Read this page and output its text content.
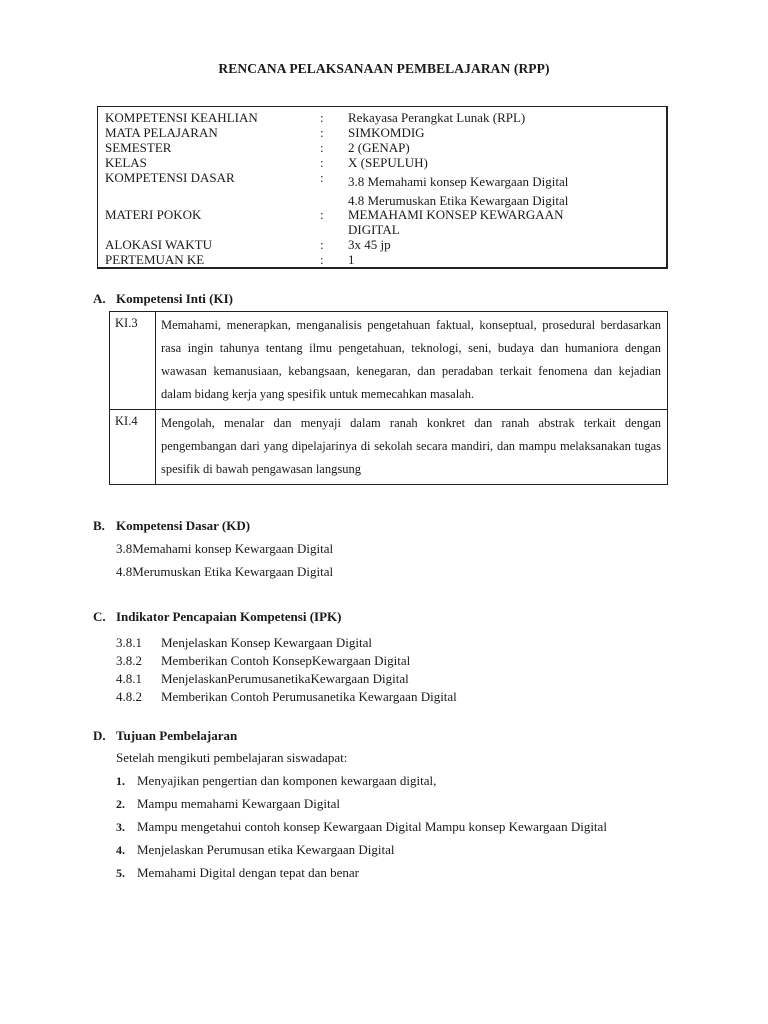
RENCANA PELAKSANAAN PEMBELAJARAN (RPP)
KOMPETENSI KEAHLIAN	: Rekayasa Perangkat Lunak (RPL)
MATA PELAJARAN	: SIMKOMDIG
SEMESTER	: 2 (GENAP)
KELAS	: X (SEPULUH)
KOMPETENSI DASAR	: 3.8 Memahami konsep Kewargaan Digital
4.8 Merumuskan Etika Kewargaan Digital
MATERI POKOK	: MEMAHAMI KONSEP KEWARGAAN
DIGITAL
ALOKASI WAKTU	: 3x 45 jp
PERTEMUAN KE	: 1
A. Kompetensi Inti (KI)
KI.3	Memahami, menerapkan, menganalisis pengetahuan faktual, konseptual, prosedural berdasarkan rasa ingin tahunya tentang ilmu pengetahuan, teknologi, seni, budaya dan humaniora dengan wawasan kemanusiaan, kebangsaan, kenegaran, dan peradaban terkait fenomena dan kejadian dalam bidang kerja yang spesifik untuk memecahkan masalah.
KI.4	Mengolah, menalar dan menyaji dalam ranah konkret dan ranah abstrak terkait dengan pengembangan dari yang dipelajarinya di sekolah secara mandiri, dan mampu melaksanakan tugas spesifik di bawah pengawasan langsung
B. Kompetensi Dasar (KD)
3.8Memahami konsep Kewargaan Digital
4.8Merumuskan Etika Kewargaan Digital
C. Indikator Pencapaian Kompetensi (IPK)
3.8.1 Menjelaskan Konsep Kewargaan Digital
3.8.2 Memberikan Contoh KonsepKewargaan Digital
4.8.1 MenjelaskanPerumusanetikaKewargaan Digital
4.8.2 Memberikan Contoh Perumusanetika Kewargaan Digital
D. Tujuan Pembelajaran
Setelah mengikuti pembelajaran siswadapat:
1. Menyajikan pengertian dan komponen kewargaan digital,
2. Mampu memahami Kewargaan Digital
3. Mampu mengetahui contoh konsep Kewargaan Digital Mampu konsep Kewargaan Digital
4. Menjelaskan Perumusan etika Kewargaan Digital
5. Memahami Digital dengan tepat dan benar
